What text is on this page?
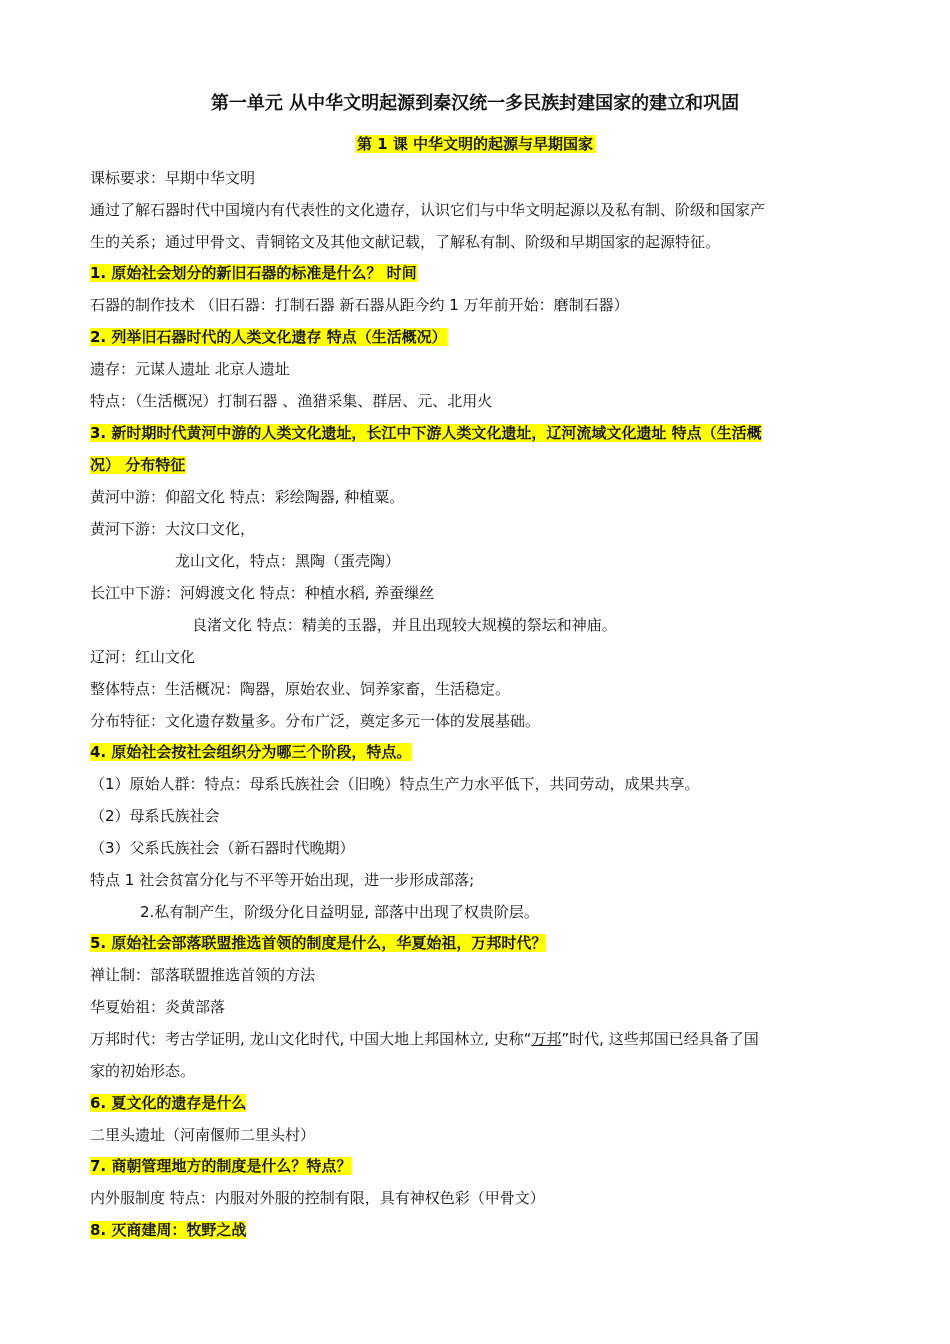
第一单元 从中华文明起源到秦汉统一多民族封建国家的建立和巩固
第 1 课 中华文明的起源与早期国家
课标要求：早期中华文明
通过了解石器时代中国境内有代表性的文化遗存，认识它们与中华文明起源以及私有制、阶级和国家产
生的关系；通过甲骨文、青铜铭文及其他文献记载，了解私有制、阶级和早期国家的起源特征。
1. 原始社会划分的新旧石器的标准是什么？ 时间
石器的制作技术 （旧石器：打制石器 新石器从距今约 1 万年前开始：磨制石器）
2. 列举旧石器时代的人类文化遗存 特点（生活概况）
遗存：元谋人遗址 北京人遗址
特点：（生活概况）打制石器 、渔猎采集、群居、元、北用火
3. 新时期时代黄河中游的人类文化遗址，长江中下游人类文化遗址，辽河流域文化遗址 特点（生活概
况） 分布特征
黄河中游：仰韶文化 特点：彩绘陶器, 种植粟。
黄河下游：大汶口文化，
龙山文化，特点：黑陶（蛋壳陶）
长江中下游：河姆渡文化 特点：种植水稻, 养蚕缫丝
良渚文化 特点：精美的玉器，并且出现较大规模的祭坛和神庙。
辽河：红山文化
整体特点：生活概况：陶器，原始农业、饲养家畜，生活稳定。
分布特征：文化遗存数量多。分布广泛，奠定多元一体的发展基础。
4. 原始社会按社会组织分为哪三个阶段，特点。
（1）原始人群：特点：母系氏族社会（旧晚）特点生产力水平低下，共同劳动，成果共享。
（2）母系氏族社会
（3）父系氏族社会（新石器时代晚期）
特点 1 社会贫富分化与不平等开始出现，进一步形成部落;
2.私有制产生，阶级分化日益明显, 部落中出现了权贵阶层。
5. 原始社会部落联盟推选首领的制度是什么，华夏始祖，万邦时代？
禅让制：部落联盟推选首领的方法
华夏始祖：炎黄部落
万邦时代：考古学证明, 龙山文化时代, 中国大地上邦国林立, 史称“万邦”时代, 这些邦国已经具备了国
家的初始形态。
6. 夏文化的遗存是什么
二里头遗址（河南偃师二里头村）
7. 商朝管理地方的制度是什么？特点？
内外服制度 特点：内服对外服的控制有限，具有神权色彩（甲骨文）
8. 灭商建周：牧野之战
